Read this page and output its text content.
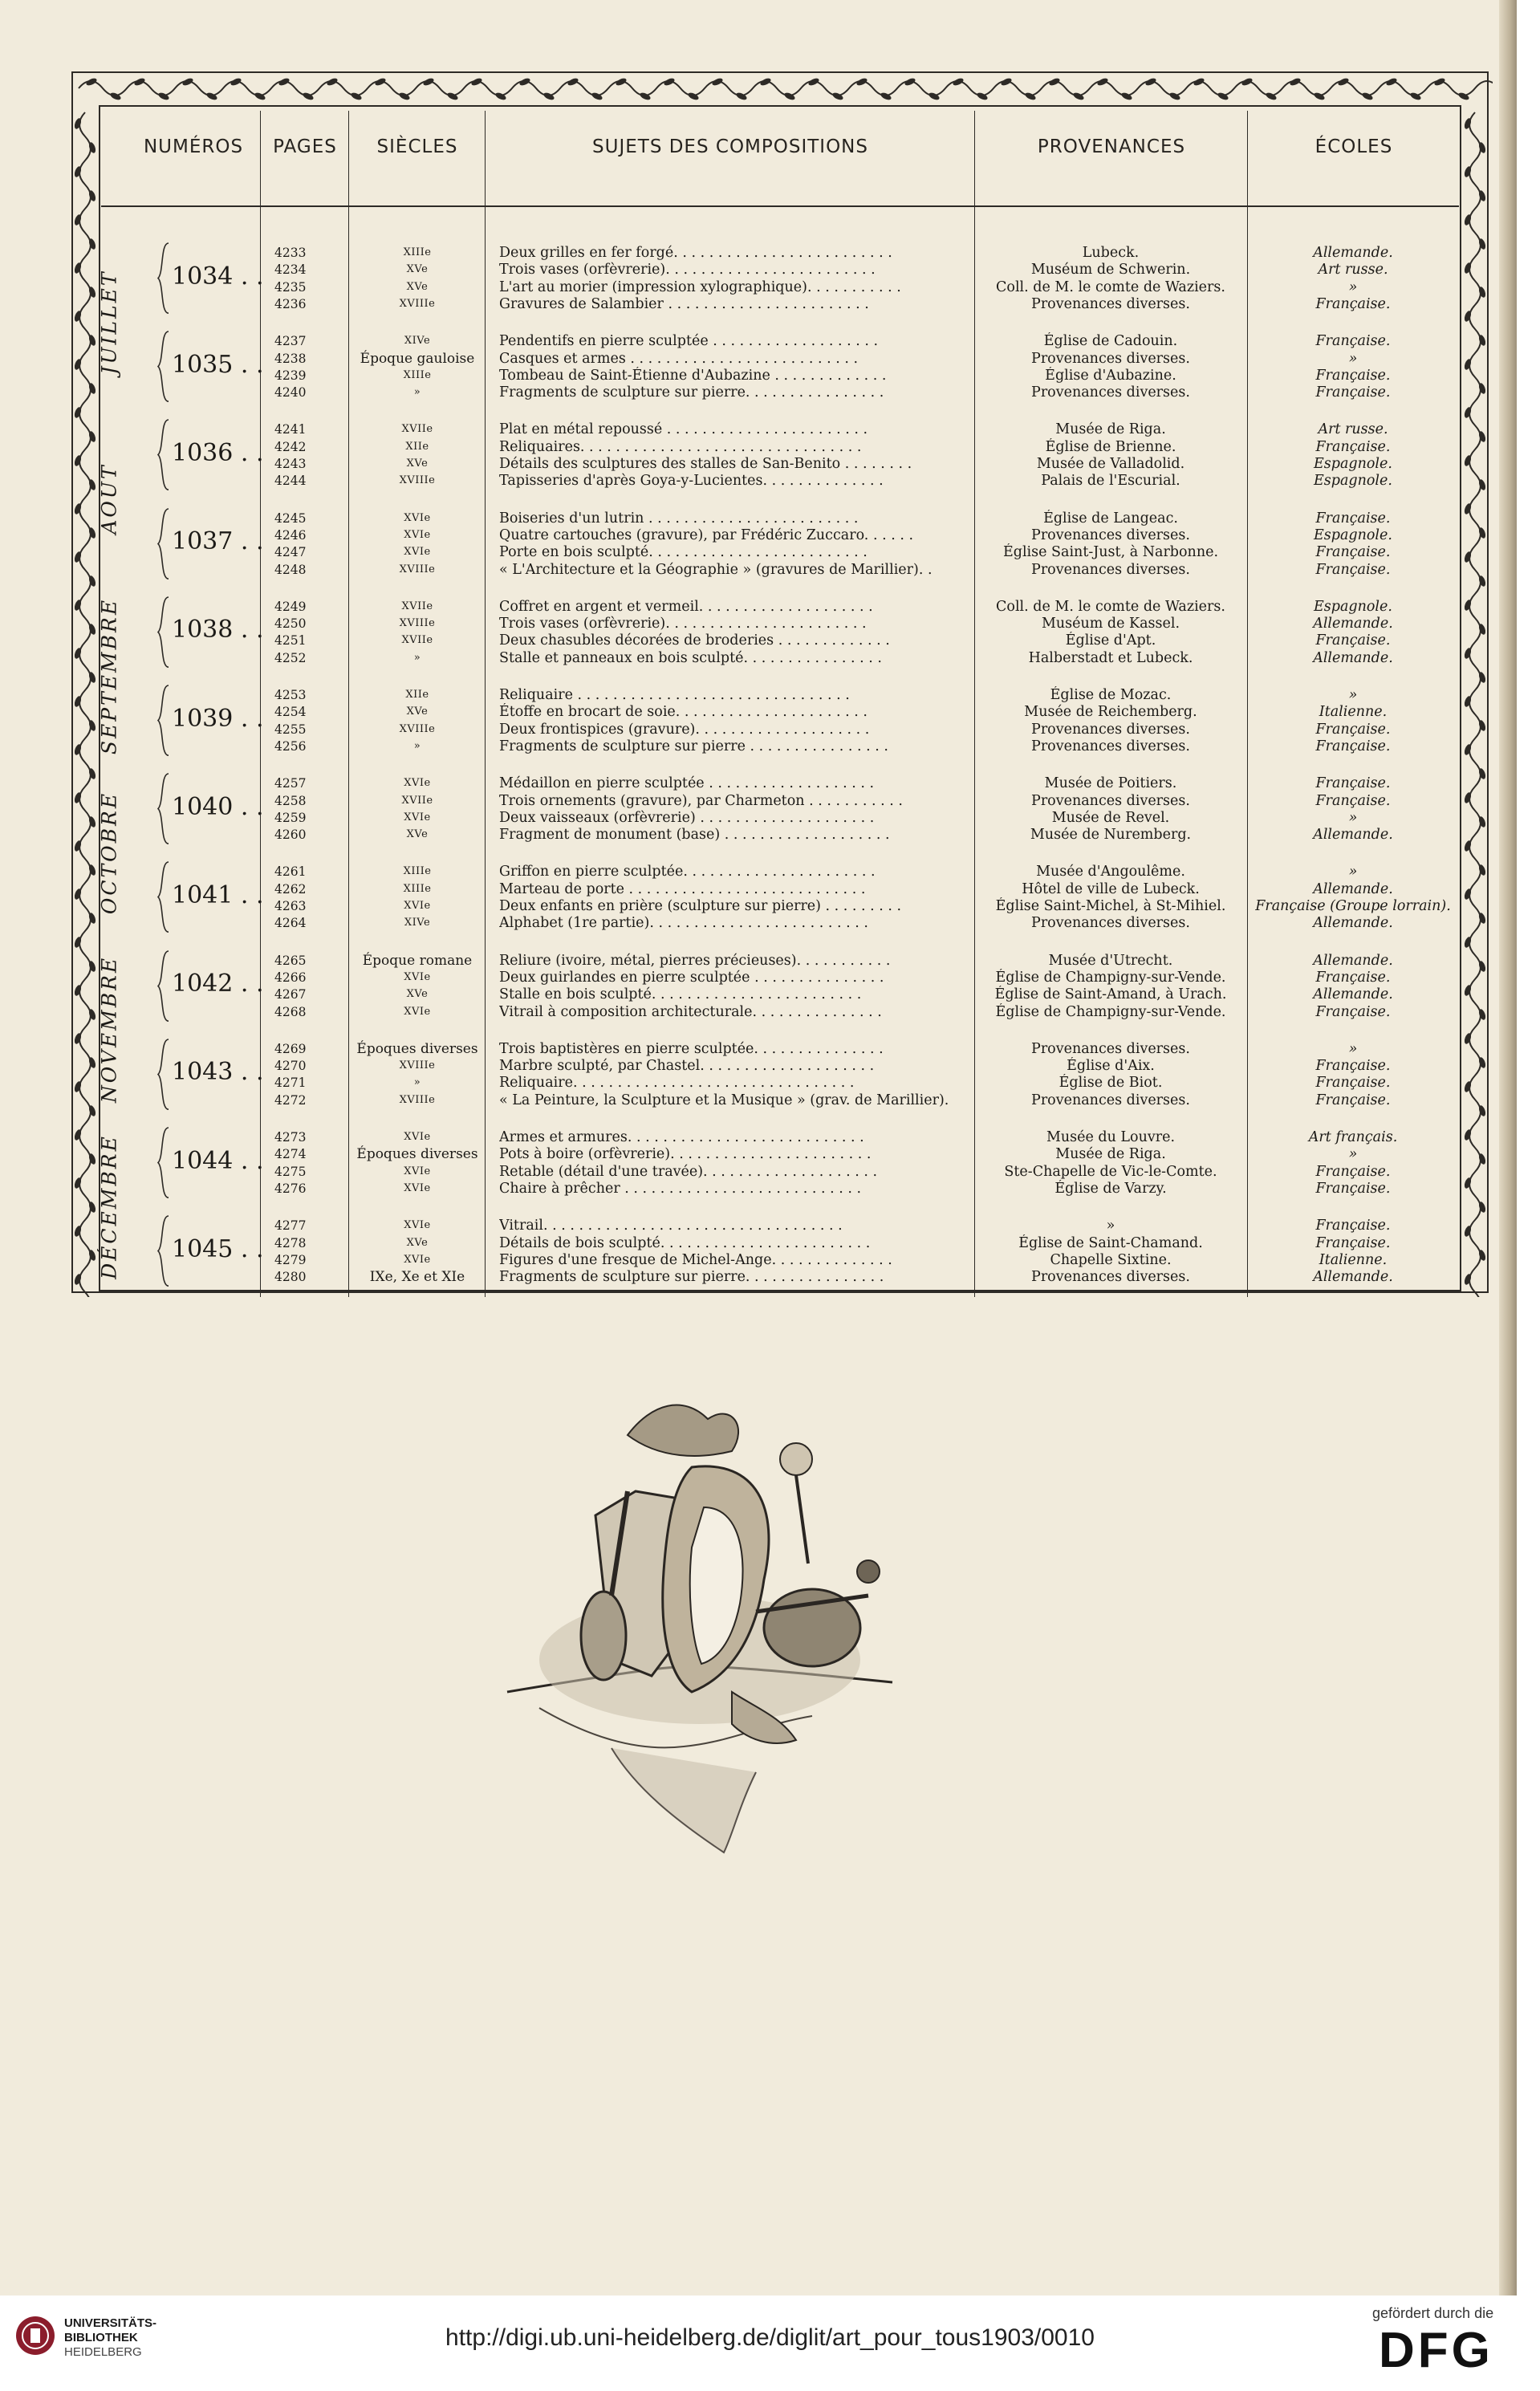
NUMÉROS	PAGES	SIÈCLES	SUJETS DES COMPOSITIONS	PROVENANCES	ÉCOLES
4233	XIIIe	Deux grilles en fer forgé. . . . . . . . . . . . . . . . . . . . . . . . .	Lubeck.	Allemande.
4234	XVe	Trois vases (orfèvrerie). . . . . . . . . . . . . . . . . . . . . . . .	Muséum de Schwerin.	Art russe.
4235	XVe	L'art au morier (impression xylographique). . . . . . . . . . .	Coll. de M. le comte de Waziers.	»
4236	XVIIIe	Gravures de Salambier . . . . . . . . . . . . . . . . . . . . . . .	Provenances diverses.	Française.
1034 . .
4237	XIVe	Pendentifs en pierre sculptée . . . . . . . . . . . . . . . . . . .	Église de Cadouin.	Française.
4238	Époque gauloise	Casques et armes . . . . . . . . . . . . . . . . . . . . . . . . . .	Provenances diverses.	»
4239	XIIIe	Tombeau de Saint-Étienne d'Aubazine . . . . . . . . . . . . .	Église d'Aubazine.	Française.
4240	»	Fragments de sculpture sur pierre. . . . . . . . . . . . . . . .	Provenances diverses.	Française.
1035 . .
JUILLET
4241	XVIIe	Plat en métal repoussé . . . . . . . . . . . . . . . . . . . . . . .	Musée de Riga.	Art russe.
4242	XIIe	Reliquaires. . . . . . . . . . . . . . . . . . . . . . . . . . . . . . . .	Église de Brienne.	Française.
4243	XVe	Détails des sculptures des stalles de San-Benito . . . . . . . .	Musée de Valladolid.	Espagnole.
4244	XVIIIe	Tapisseries d'après Goya-y-Lucientes. . . . . . . . . . . . . .	Palais de l'Escurial.	Espagnole.
1036 . .
4245	XVIe	Boiseries d'un lutrin . . . . . . . . . . . . . . . . . . . . . . . .	Église de Langeac.	Française.
4246	XVIe	Quatre cartouches (gravure), par Frédéric Zuccaro. . . . . .	Provenances diverses.	Espagnole.
4247	XVIe	Porte en bois sculpté. . . . . . . . . . . . . . . . . . . . . . . . .	Église Saint-Just, à Narbonne.	Française.
4248	XVIIIe	« L'Architecture et la Géographie » (gravures de Marillier). .	Provenances diverses.	Française.
1037 . .
AOUT
4249	XVIIe	Coffret en argent et vermeil. . . . . . . . . . . . . . . . . . . .	Coll. de M. le comte de Waziers.	Espagnole.
4250	XVIIIe	Trois vases (orfèvrerie). . . . . . . . . . . . . . . . . . . . . . .	Muséum de Kassel.	Allemande.
4251	XVIIe	Deux chasubles décorées de broderies . . . . . . . . . . . . .	Église d'Apt.	Française.
4252	»	Stalle et panneaux en bois sculpté. . . . . . . . . . . . . . . .	Halberstadt et Lubeck.	Allemande.
1038 . .
4253	XIIe	Reliquaire . . . . . . . . . . . . . . . . . . . . . . . . . . . . . . .	Église de Mozac.	»
4254	XVe	Étoffe en brocart de soie. . . . . . . . . . . . . . . . . . . . . .	Musée de Reichemberg.	Italienne.
4255	XVIIIe	Deux frontispices (gravure). . . . . . . . . . . . . . . . . . . .	Provenances diverses.	Française.
4256	»	Fragments de sculpture sur pierre . . . . . . . . . . . . . . . .	Provenances diverses.	Française.
1039 . .
SEPTEMBRE
4257	XVIe	Médaillon en pierre sculptée . . . . . . . . . . . . . . . . . . .	Musée de Poitiers.	Française.
4258	XVIIe	Trois ornements (gravure), par Charmeton . . . . . . . . . . .	Provenances diverses.	Française.
4259	XVIe	Deux vaisseaux (orfèvrerie) . . . . . . . . . . . . . . . . . . . .	Musée de Revel.	»
4260	XVe	Fragment de monument (base) . . . . . . . . . . . . . . . . . . .	Musée de Nuremberg.	Allemande.
1040 . .
4261	XIIIe	Griffon en pierre sculptée. . . . . . . . . . . . . . . . . . . . . .	Musée d'Angoulême.	»
4262	XIIIe	Marteau de porte . . . . . . . . . . . . . . . . . . . . . . . . . . .	Hôtel de ville de Lubeck.	Allemande.
4263	XVIe	Deux enfants en prière (sculpture sur pierre) . . . . . . . . .	Église Saint-Michel, à St-Mihiel.	Française (Groupe lorrain).
4264	XIVe	Alphabet (1re partie). . . . . . . . . . . . . . . . . . . . . . . . .	Provenances diverses.	Allemande.
1041 . .
OCTOBRE
4265	Époque romane	Reliure (ivoire, métal, pierres précieuses). . . . . . . . . . .	Musée d'Utrecht.	Allemande.
4266	XVIe	Deux guirlandes en pierre sculptée . . . . . . . . . . . . . . .	Église de Champigny-sur-Vende.	Française.
4267	XVe	Stalle en bois sculpté. . . . . . . . . . . . . . . . . . . . . . . .	Église de Saint-Amand, à Urach.	Allemande.
4268	XVIe	Vitrail à composition architecturale. . . . . . . . . . . . . . .	Église de Champigny-sur-Vende.	Française.
1042 . .
4269	Époques diverses	Trois baptistères en pierre sculptée. . . . . . . . . . . . . . .	Provenances diverses.	»
4270	XVIIIe	Marbre sculpté, par Chastel. . . . . . . . . . . . . . . . . . . .	Église d'Aix.	Française.
4271	»	Reliquaire. . . . . . . . . . . . . . . . . . . . . . . . . . . . . . . .	Église de Biot.	Française.
4272	XVIIIe	« La Peinture, la Sculpture et la Musique » (grav. de Marillier).	Provenances diverses.	Française.
1043 . .
NOVEMBRE
4273	XVIe	Armes et armures. . . . . . . . . . . . . . . . . . . . . . . . . . .	Musée du Louvre.	Art français.
4274	Époques diverses	Pots à boire (orfèvrerie). . . . . . . . . . . . . . . . . . . . . . .	Musée de Riga.	»
4275	XVIe	Retable (détail d'une travée). . . . . . . . . . . . . . . . . . . .	Ste-Chapelle de Vic-le-Comte.	Française.
4276	XVIe	Chaire à prêcher . . . . . . . . . . . . . . . . . . . . . . . . . . .	Église de Varzy.	Française.
1044 . .
4277	XVIe	Vitrail. . . . . . . . . . . . . . . . . . . . . . . . . . . . . . . . . .	»	Française.
4278	XVe	Détails de bois sculpté. . . . . . . . . . . . . . . . . . . . . . . .	Église de Saint-Chamand.	Française.
4279	XVIe	Figures d'une fresque de Michel-Ange. . . . . . . . . . . . . .	Chapelle Sixtine.	Italienne.
4280	IXe, Xe et XIe	Fragments de sculpture sur pierre. . . . . . . . . . . . . . . .	Provenances diverses.	Allemande.
1045 . .
DÉCEMBRE
UNIVERSITÄTS-
BIBLIOTHEK
HEIDELBERG
http://digi.ub.uni-heidelberg.de/diglit/art_pour_tous1903/0010
gefördert durch die
DFG
